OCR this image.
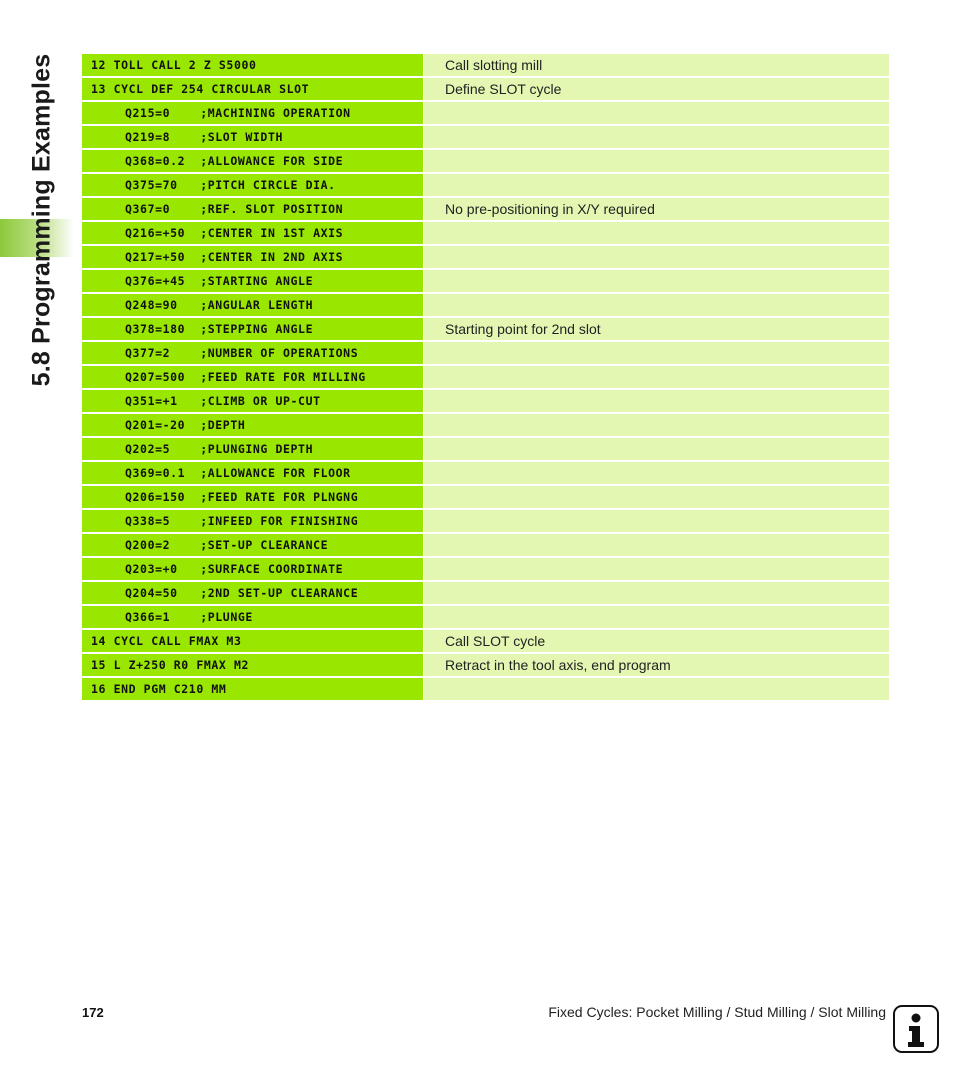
5.8 Programming Examples	12 TOLL CALL 2 Z S5000	Call slotting mill
13 CYCL DEF 254 CIRCULAR SLOT	Define SLOT cycle
Q215=0    ;MACHINING OPERATION
Q219=8    ;SLOT WIDTH
Q368=0.2  ;ALLOWANCE FOR SIDE
Q375=70   ;PITCH CIRCLE DIA.
Q367=0    ;REF. SLOT POSITION	No pre-positioning in X/Y required
Q216=+50  ;CENTER IN 1ST AXIS
Q217=+50  ;CENTER IN 2ND AXIS
Q376=+45  ;STARTING ANGLE
Q248=90   ;ANGULAR LENGTH
Q378=180  ;STEPPING ANGLE	Starting point for 2nd slot
Q377=2    ;NUMBER OF OPERATIONS
Q207=500  ;FEED RATE FOR MILLING
Q351=+1   ;CLIMB OR UP-CUT
Q201=-20  ;DEPTH
Q202=5    ;PLUNGING DEPTH
Q369=0.1  ;ALLOWANCE FOR FLOOR
Q206=150  ;FEED RATE FOR PLNGNG
Q338=5    ;INFEED FOR FINISHING
Q200=2    ;SET-UP CLEARANCE
Q203=+0   ;SURFACE COORDINATE
Q204=50   ;2ND SET-UP CLEARANCE
Q366=1    ;PLUNGE
14 CYCL CALL FMAX M3	Call SLOT cycle
15 L Z+250 R0 FMAX M2	Retract in the tool axis, end program
16 END PGM C210 MM
172	Fixed Cycles: Pocket Milling / Stud Milling / Slot Milling
